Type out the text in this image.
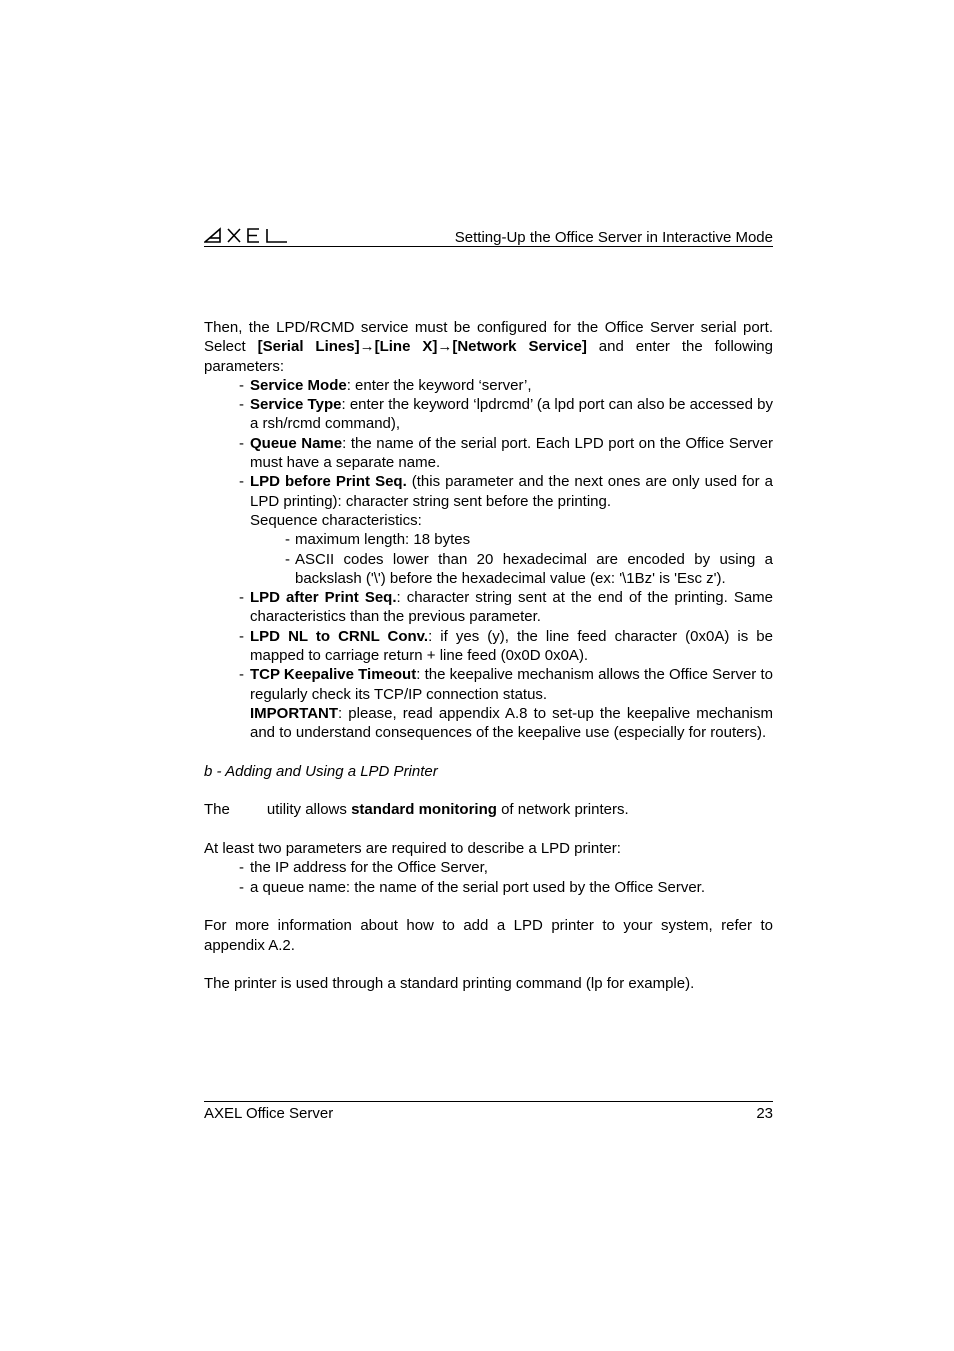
Setting-Up the Office Server in Interactive Mode

Then, the LPD/RCMD service must be configured for the Office Server serial port. Select [Serial Lines]→[Line X]→[Network Service] and enter the following parameters:

- Service Mode: enter the keyword ‘server’,
- Service Type: enter the keyword ‘lpdrcmd’ (a lpd port can also be accessed by a rsh/rcmd command),
- Queue Name: the name of the serial port. Each LPD port on the Office Server must have a separate name.
- LPD before Print Seq. (this parameter and the next ones are only used for a LPD printing): character string sent before the printing.
Sequence characteristics:
- maximum length: 18 bytes
- ASCII codes lower than 20 hexadecimal are encoded by using a backslash ('\') before the hexadecimal value (ex: '\1Bz' is 'Esc z').
- LPD after Print Seq.: character string sent at the end of the printing. Same characteristics than the previous parameter.
- LPD NL to CRNL Conv.: if yes (y), the line feed character (0x0A) is be mapped to carriage return + line feed (0x0D 0x0A).
- TCP Keepalive Timeout: the keepalive mechanism allows the Office Server to regularly check its TCP/IP connection status.
IMPORTANT: please, read appendix A.8 to set-up the keepalive mechanism and to understand consequences of the keepalive use (especially for routers).

b - Adding and Using a LPD Printer

The utility allows standard monitoring of network printers.

At least two parameters are required to describe a LPD printer:

- the IP address for the Office Server,
- a queue name: the name of the serial port used by the Office Server.

For more information about how to add a LPD printer to your system, refer to appendix A.2.

The printer is used through a standard printing command (lp for example).

AXEL Office Server	23
